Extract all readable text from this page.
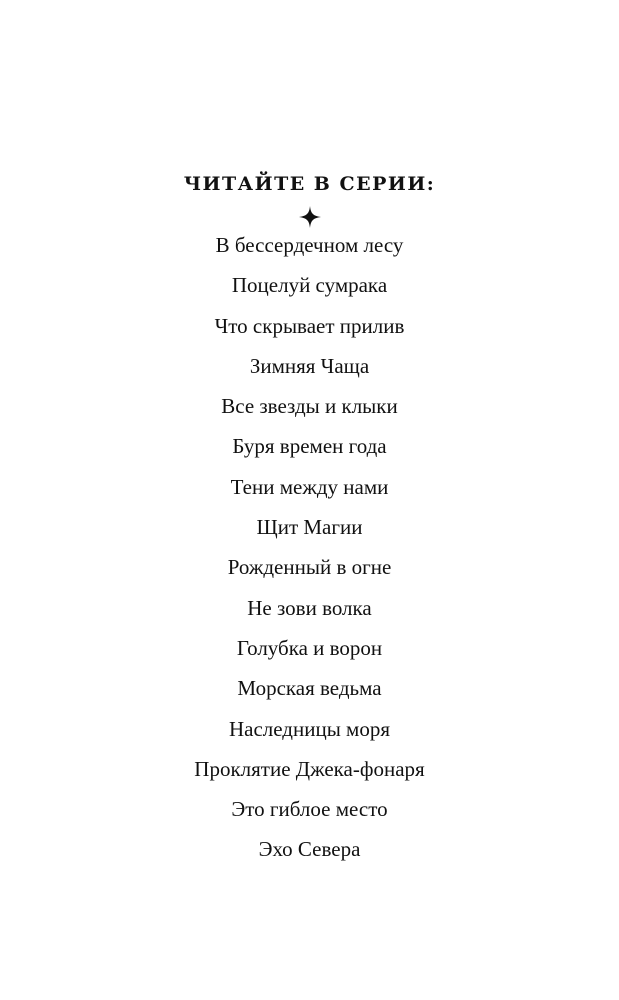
ЧИТАЙТЕ В СЕРИИ:
В бессердечном лесу
Поцелуй сумрака
Что скрывает прилив
Зимняя Чаща
Все звезды и клыки
Буря времен года
Тени между нами
Щит Магии
Рожденный в огне
Не зови волка
Голубка и ворон
Морская ведьма
Наследницы моря
Проклятие Джека-фонаря
Это гиблое место
Эхо Севера
